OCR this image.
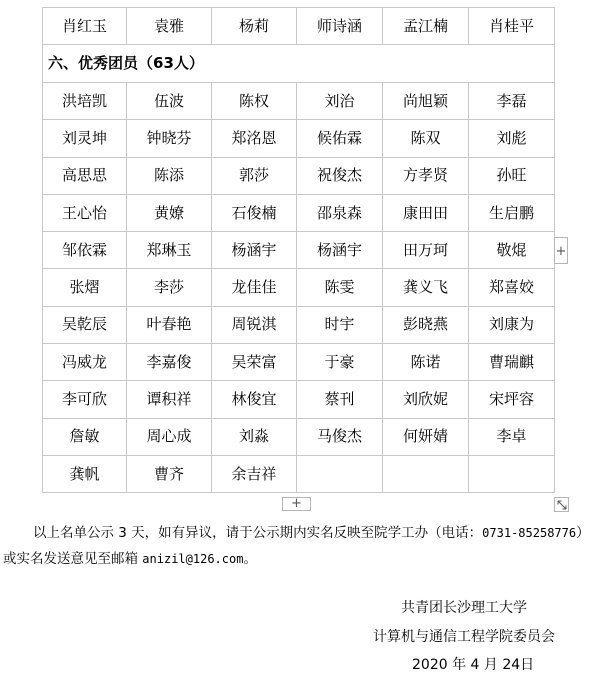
肖红玉	袁雅	杨莉	师诗涵	孟江楠	肖桂平
六、优秀团员（63人）					
洪培凯	伍波	陈权	刘治	尚旭颖	李磊
刘灵坤	钟晓芬	郑洺恩	候佑霖	陈双	刘彪
高思思	陈添	郭莎	祝俊杰	方孝贤	孙旺
王心怡	黄嫽	石俊楠	邵泉森	康田田	生启鹏
邹依霖	郑琳玉	杨涵宇	杨涵宇	田万珂	敬焜
张熠	李莎	龙佳佳	陈雯	龚义飞	郑喜姣
吴乾辰	叶春艳	周锐淇	时宇	彭晓燕	刘康为
冯威龙	李嘉俊	吴荣富	于豪	陈诺	曹瑞麒
李可欣	谭积祥	林俊宜	蔡刊	刘欣妮	宋坪容
詹敏	周心成	刘淼	马俊杰	何妍婧	李卓
龚帆	曹齐	余吉祥			
+
+
以上名单公示 3 天，如有异议，请于公示期内实名反映至院学工办（电话：0731-85258776）
或实名发送意见至邮箱 anizil@126.com。
共青团长沙理工大学
计算机与通信工程学院委员会
2020 年 4 月 24日
